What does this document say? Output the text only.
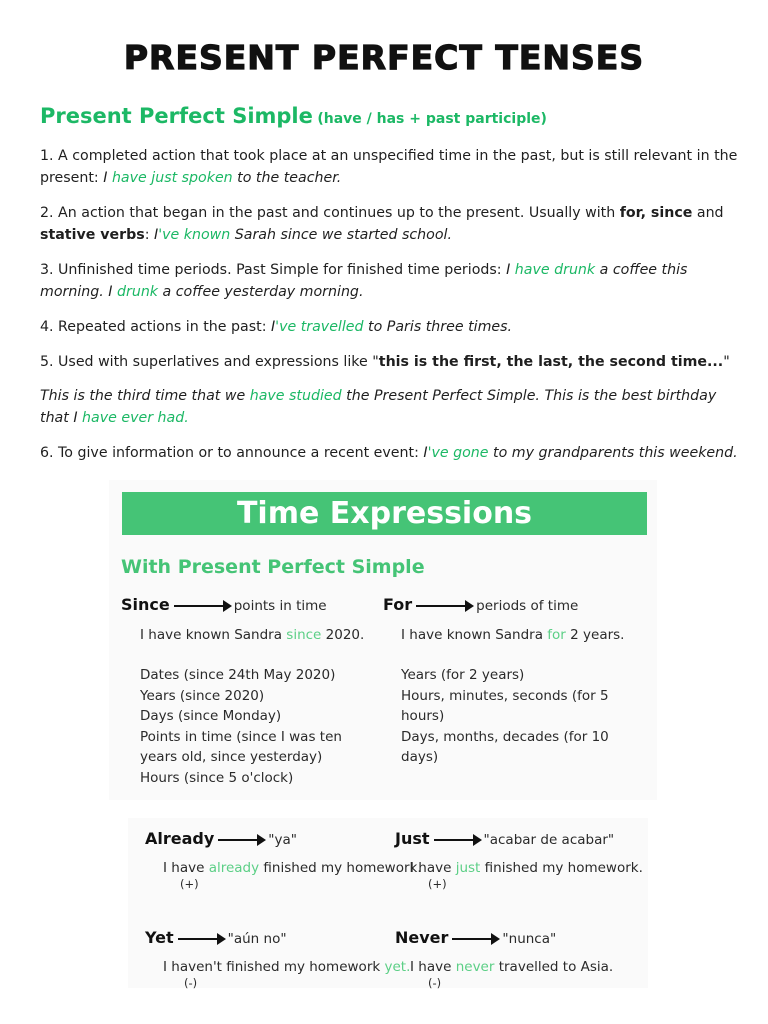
PRESENT PERFECT TENSES
Present Perfect Simple (have / has + past participle)
1. A completed action that took place at an unspecified time in the past, but is still relevant in the present: I have just spoken to the teacher.
2. An action that began in the past and continues up to the present. Usually with for, since and stative verbs: I've known Sarah since we started school.
3. Unfinished time periods. Past Simple for finished time periods: I have drunk a coffee this morning. I drunk a coffee yesterday morning.
4. Repeated actions in the past: I've travelled to Paris three times.
5. Used with superlatives and expressions like "this is the first, the last, the second time..."
This is the third time that we have studied the Present Perfect Simple. This is the best birthday that I have ever had.
6. To give information or to announce a recent event: I've gone to my grandparents this weekend.
Time Expressions
With Present Perfect Simple
Since	points in time
I have known Sandra since 2020.
Dates (since 24th May 2020)
Years (since 2020)
Days (since Monday)
Points in time (since I was ten
years old, since yesterday)
Hours (since 5 o'clock)
For	periods of time
I have known Sandra for 2 years.
Years (for 2 years)
Hours, minutes, seconds (for 5
hours)
Days, months, decades (for 10
days)
Already	"ya"
I have already finished my homework.
(+)
Just	"acabar de acabar"
I have just finished my homework.
(+)
Yet	"aún no"
I haven't finished my homework yet.
(-)
Never	"nunca"
I have never travelled to Asia.
(-)
